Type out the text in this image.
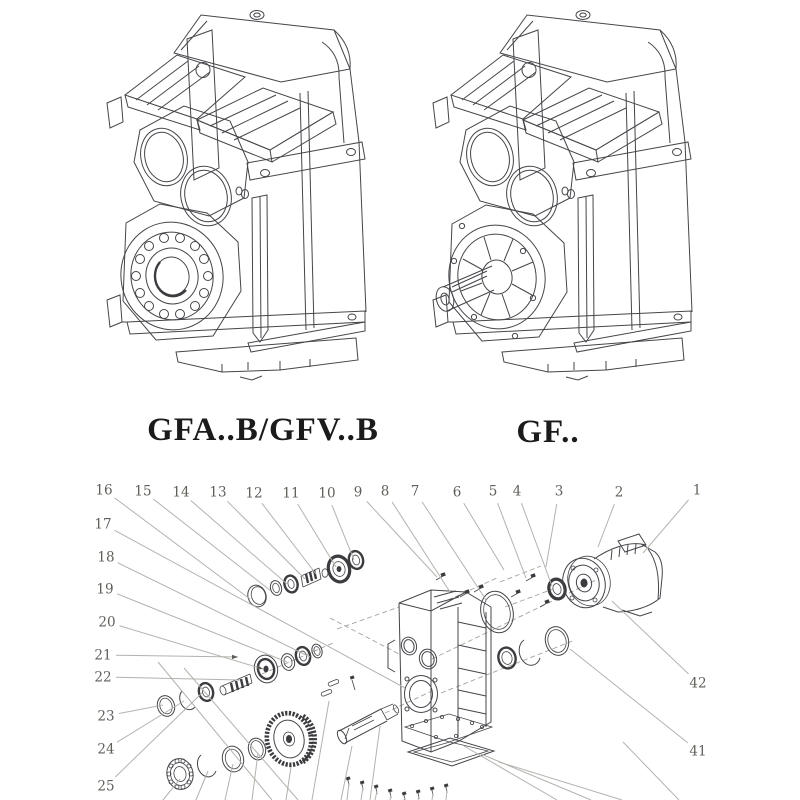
16 15 14 13 12 11 10 9 8 7 6 5 4 3	2	1
17
18
19
20
21
22
23
24
25
42
41
GFA..B/GFV..B	GF..
